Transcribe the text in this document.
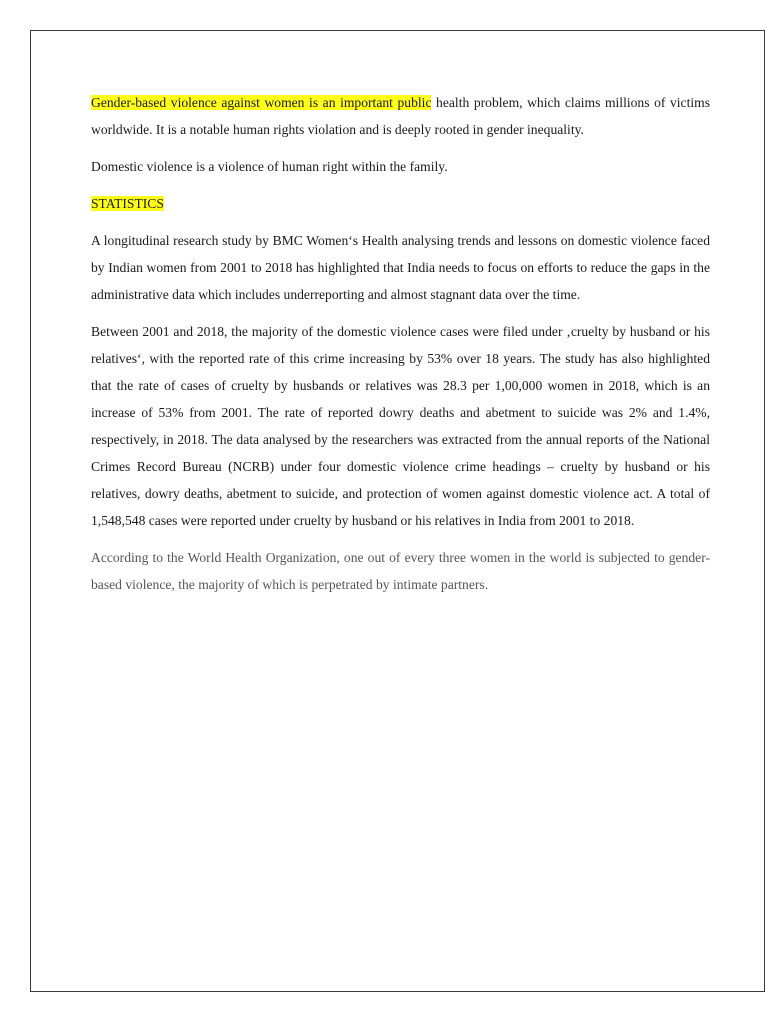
Gender-based violence against women is an important public health problem, which claims millions of victims worldwide. It is a notable human rights violation and is deeply rooted in gender inequality.

Domestic violence is a violence of human right within the family.

STATISTICS

A longitudinal research study by BMC Women‘s Health analysing trends and lessons on domestic violence faced by Indian women from 2001 to 2018 has highlighted that India needs to focus on efforts to reduce the gaps in the administrative data which includes underreporting and almost stagnant data over the time.

Between 2001 and 2018, the majority of the domestic violence cases were filed under ‚cruelty by husband or his relatives‘, with the reported rate of this crime increasing by 53% over 18 years. The study has also highlighted that the rate of cases of cruelty by husbands or relatives was 28.3 per 1,00,000 women in 2018, which is an increase of 53% from 2001. The rate of reported dowry deaths and abetment to suicide was 2% and 1.4%, respectively, in 2018. The data analysed by the researchers was extracted from the annual reports of the National Crimes Record Bureau (NCRB) under four domestic violence crime headings – cruelty by husband or his relatives, dowry deaths, abetment to suicide, and protection of women against domestic violence act. A total of 1,548,548 cases were reported under cruelty by husband or his relatives in India from 2001 to 2018.

According to the World Health Organization, one out of every three women in the world is subjected to gender-based violence, the majority of which is perpetrated by intimate partners.
